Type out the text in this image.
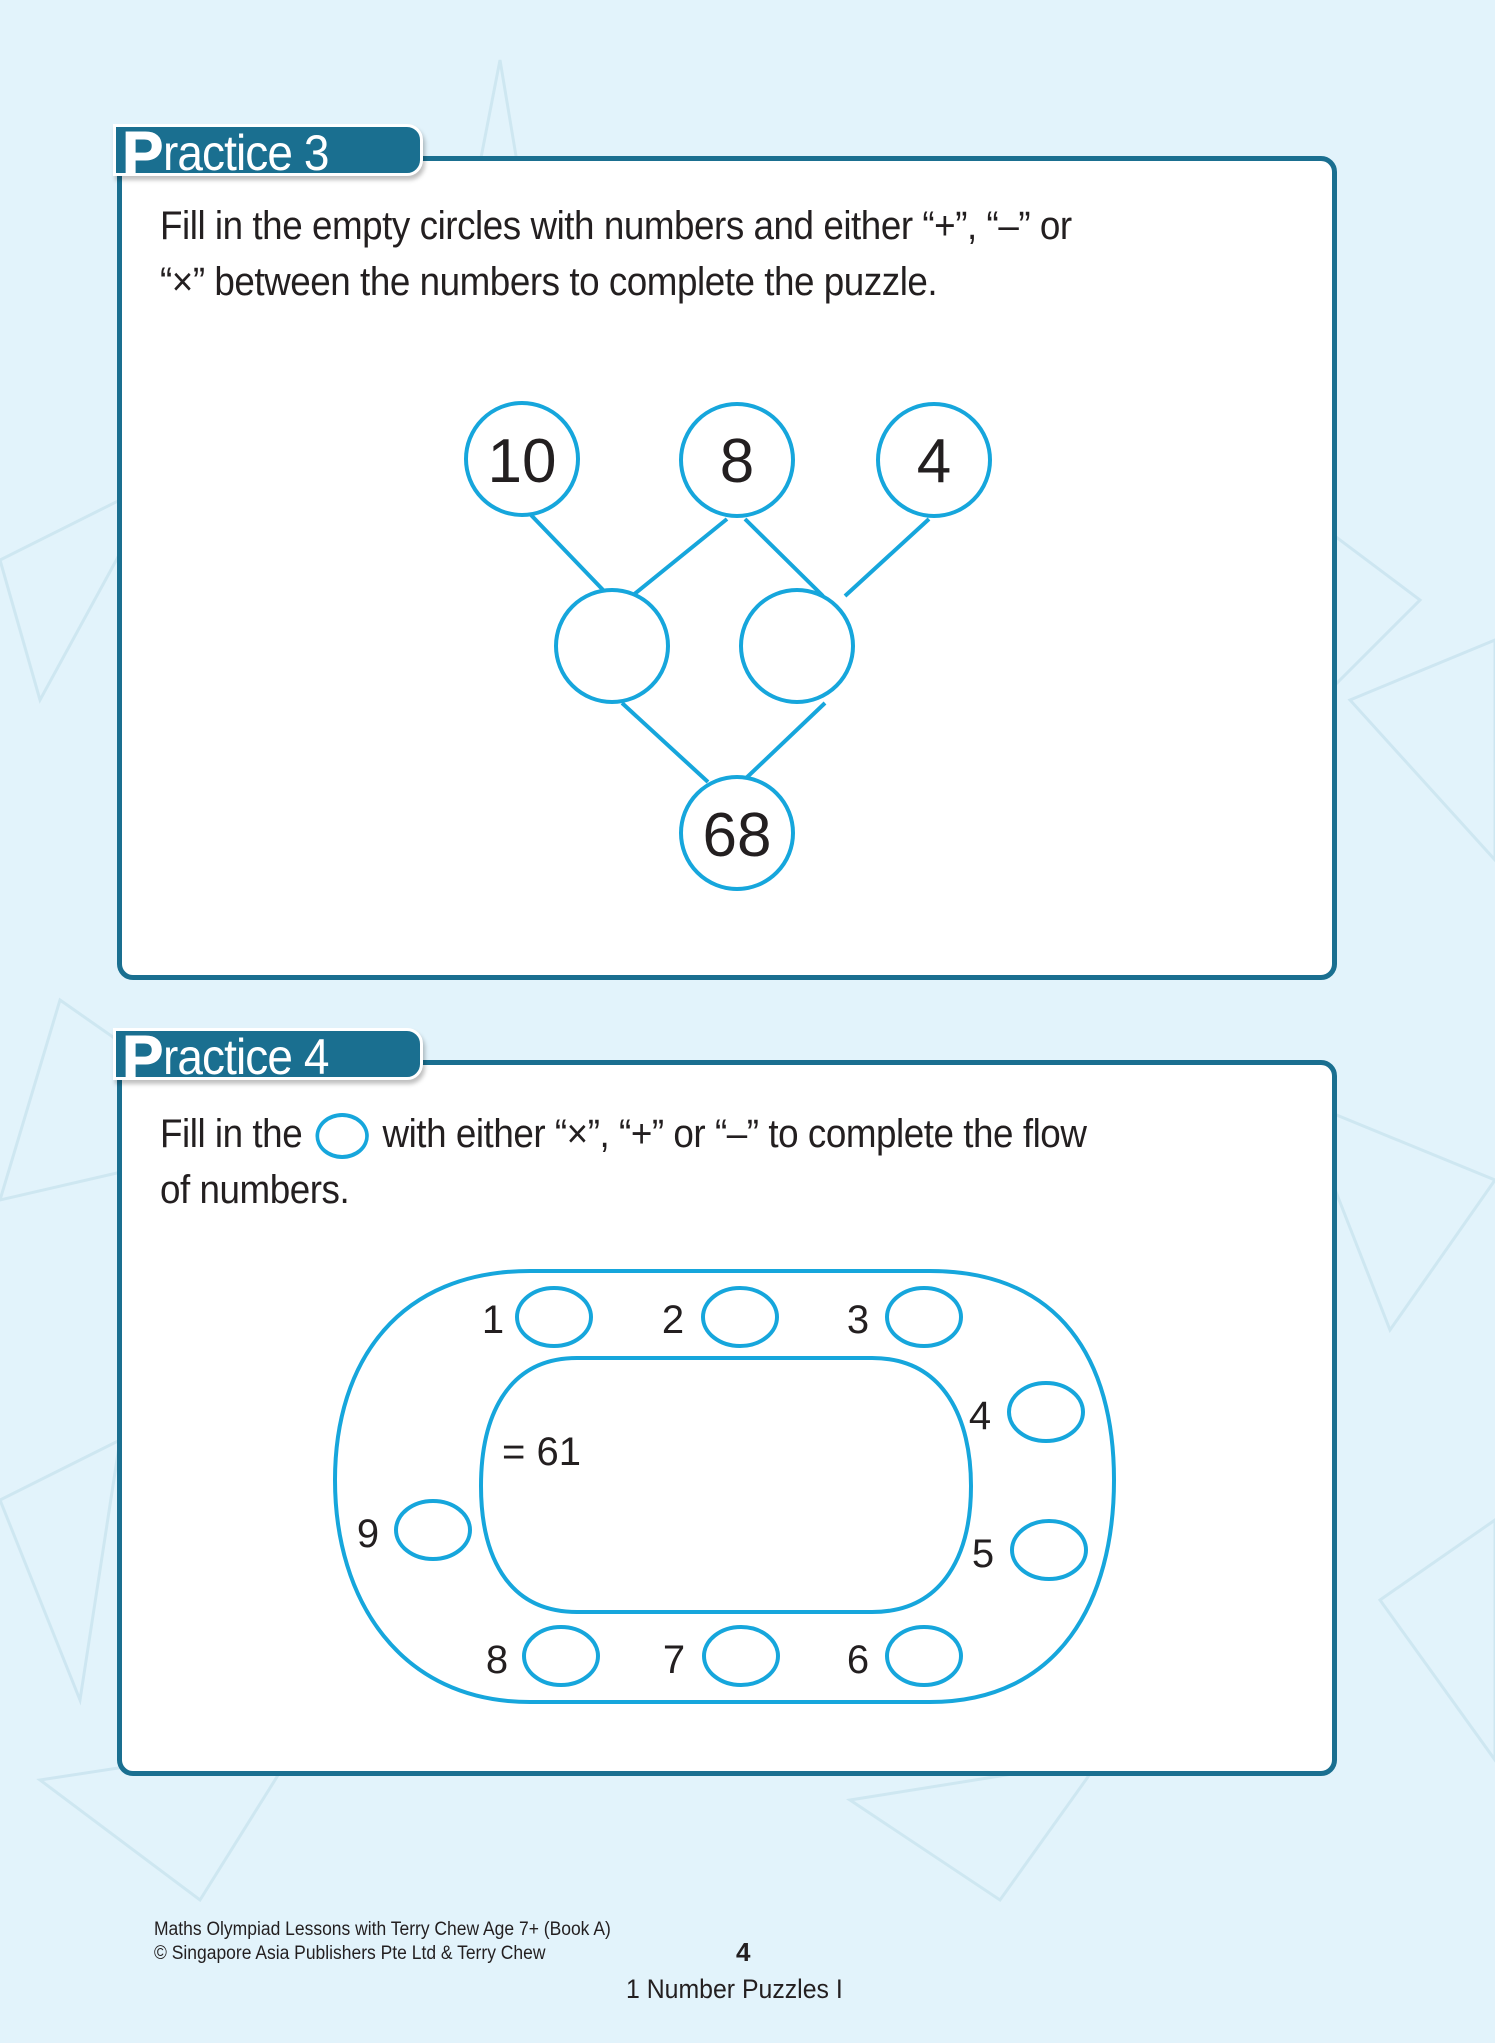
P ractice 3
Fill in the empty circles with numbers and either “+”, “–” or
“×” between the numbers to complete the puzzle.
10	8	4
68
P ractice 4
Fill in the with either “×”, “+” or “–” to complete the flow
of numbers.
1	2	3
4
5
6
7
8
9
= 61
Maths Olympiad Lessons with Terry Chew Age 7+ (Book A)
© Singapore Asia Publishers Pte Ltd & Terry Chew	4
1 Number Puzzles I
